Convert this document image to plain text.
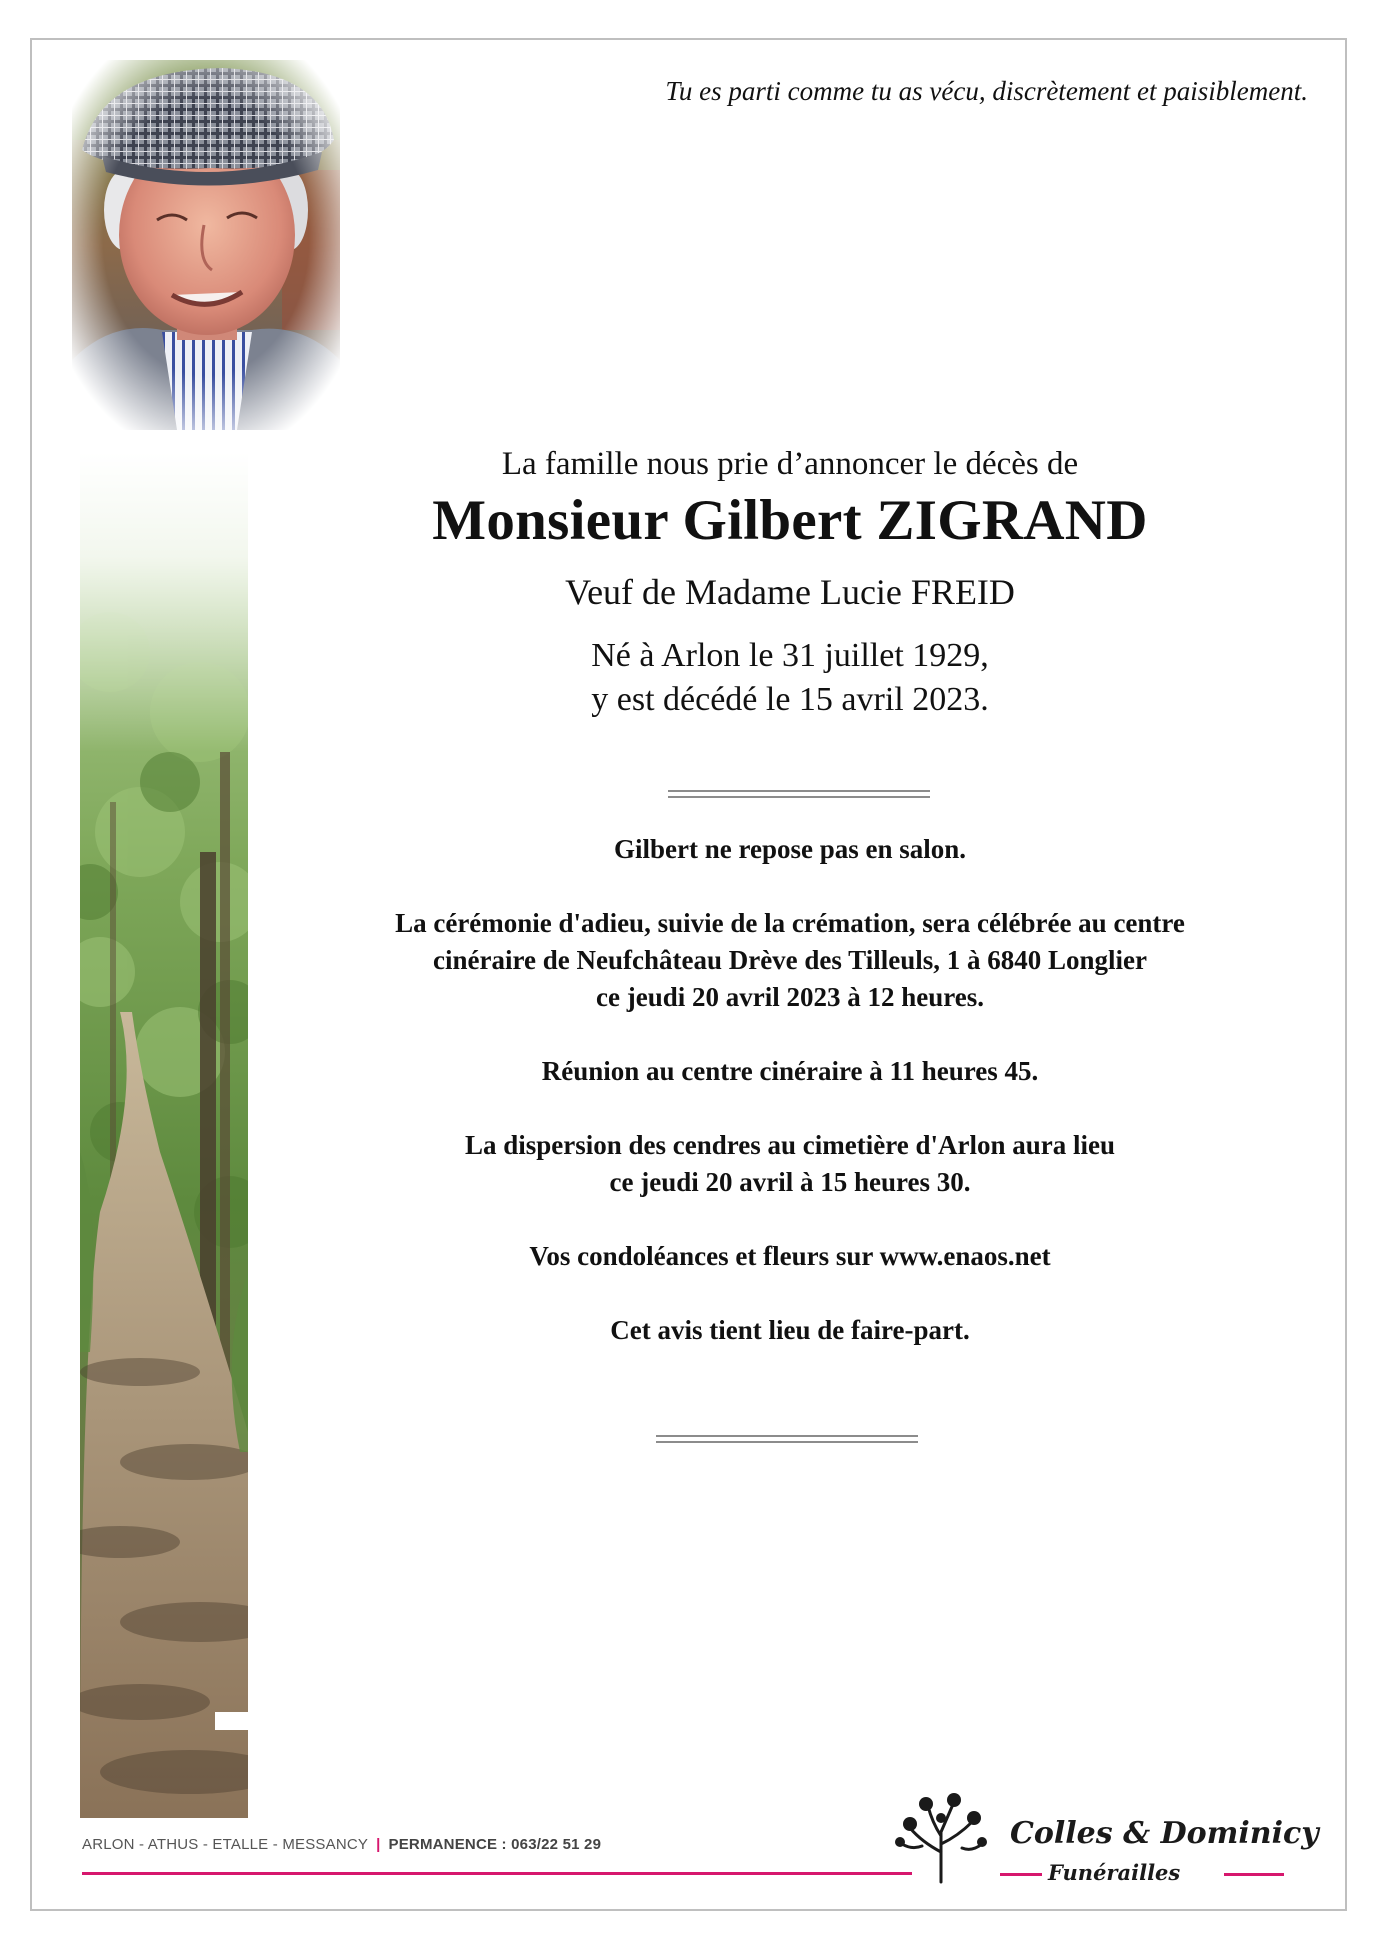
Tu es parti comme tu as vécu, discrètement et paisiblement.
La famille nous prie d’annoncer le décès de
Monsieur Gilbert ZIGRAND
Veuf de Madame Lucie FREID
Né à Arlon le 31 juillet 1929,
y est décédé le 15 avril 2023.
Gilbert ne repose pas en salon.
La cérémonie d'adieu, suivie de la crémation, sera célébrée au centre
cinéraire de Neufchâteau Drève des Tilleuls, 1 à 6840 Longlier
ce jeudi 20 avril 2023 à 12 heures.
Réunion au centre cinéraire à 11 heures 45.
La dispersion des cendres au cimetière d'Arlon aura lieu
ce jeudi 20 avril à 15 heures 30.
Vos condoléances et fleurs sur www.enaos.net
Cet avis tient lieu de faire-part.
ARLON - ATHUS - ETALLE - MESSANCY | PERMANENCE : 063/22 51 29	Colles & Dominicy
Funérailles
